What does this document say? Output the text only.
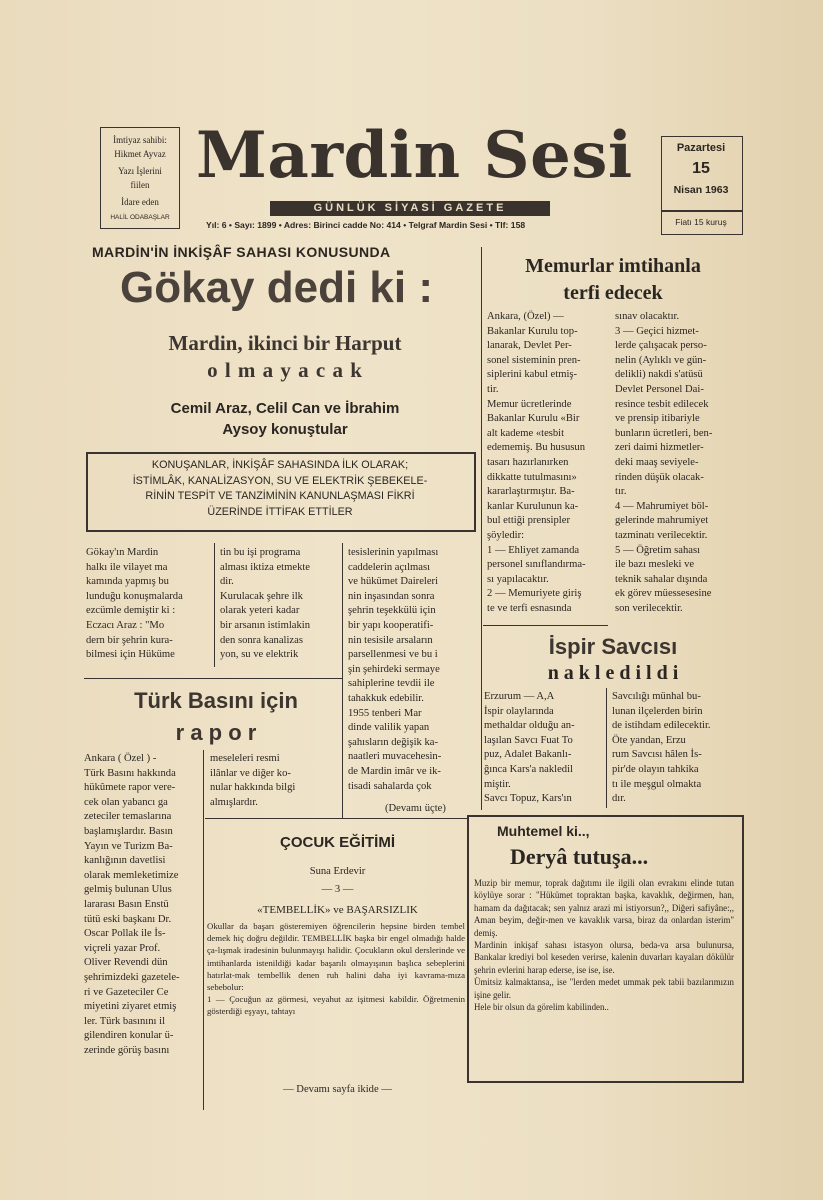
İmtiyaz sahibi:
Hikmet Ayvaz
Yazı İşlerini
fiilen
İdare eden
HALİL ODABAŞLAR
Mardin Sesi
GÜNLÜK SİYASİ GAZETE
Yıl: 6 • Sayı: 1899 • Adres: Birinci cadde No: 414 • Telgraf Mardin Sesi • Tlf: 158
Pazartesi
15
Nisan 1963
Fiatı 15 kuruş
MARDİN'İN İNKİŞÂF SAHASI KONUSUNDA
Gökay dedi ki :
Mardin, ikinci bir Harput
o l m a y a c a k
Cemil Araz, Celil Can ve İbrahim
Aysoy konuştular
KONUŞANLAR, İNKİŞÂF SAHASINDA İLK OLARAK;
İSTİMLÂK, KANALİZASYON, SU VE ELEKTRİK ŞEBEKELE-
RİNİN TESPİT VE TANZİMİNİN KANUNLAŞMASI FİKRİ
ÜZERİNDE İTTİFAK ETTİLER
Gökay'ın Mardin
halkı ile vilayet ma
kamında yapmış bu
lunduğu konuşmalarda
ezcümle demiştir ki :
Eczacı Araz : "Mo
dern bir şehrin kura-
bilmesi için Hüküme
tin bu işi programa
alması iktiza etmekte
dir.
Kurulacak şehre ilk
olarak yeteri kadar
bir arsanın istimlakin
den sonra kanalizas
yon, su ve elektrik
tesislerinin yapılması
caddelerin açılması
ve hükümet Daireleri
nin inşasından sonra
şehrin teşekkülü için
bir yapı kooperatifi-
nin tesisile arsaların
parsellenmesi ve bu i
şin şehirdeki sermaye
sahiplerine tevdii ile
tahakkuk edebilir.
1955 tenberi Mar
dinde valilik yapan
şahısların değişik ka-
naatleri muvacehesin-
de Mardin imâr ve ik-
tisadi sahalarda çok
(Devamı üçte)
Türk Basını için
r a p o r
Ankara ( Özel ) -
Türk Basını hakkında
hükûmete rapor vere-
cek olan yabancı ga
zeteciler temaslarına
başlamışlardır. Basın
Yayın ve Turizm Ba-
kanlığının davetlisi
olarak memleketimize
gelmiş bulunan Ulus
lararası Basın Enstü
tütü eski başkanı Dr.
Oscar Pollak ile İs-
viçreli yazar Prof.
Oliver Revendi dün
şehrimizdeki gazetele-
ri ve Gazeteciler Ce
miyetini ziyaret etmiş
ler. Türk basınını il
gilendiren konular ü-
zerinde görüş basını
meseleleri resmi
ilânlar ve diğer ko-
nular hakkında bilgi
almışlardır.
ÇOCUK EĞİTİMİ
Suna Erdevir
— 3 —
«TEMBELLİK» ve BAŞARSIZLIK
Okullar da başarı gösteremiyen öğrencilerin hepsine birden tembel demek hiç doğru değildir. TEMBELLİK başka bir engel olmadığı halde ça-lışmak iradesinin bulunmayışı halidir. Çocukların okul derslerinde ve imtihanlarda istenildiği kadar başarılı olmayışının başlıca sebeplerini hatırlat-mak tembellik denen ruh halini daha iyi kavrama-mıza sebebolur:
1 — Çocuğun az görmesi, veyahut az işitmesi kabildir. Öğretmenin gösterdiği eşyayı, tahtayı
— Devamı sayfa ikide —
Memurlar imtihanla
terfi edecek
Ankara, (Özel) —
Bakanlar Kurulu top-
lanarak, Devlet Per-
sonel sisteminin pren-
siplerini kabul etmiş-
tir.
Memur ücretlerinde
Bakanlar Kurulu «Bir
alt kademe «tesbit
edememiş. Bu hususun
tasarı hazırlanırken
dikkatte tutulmasını»
kararlaştırmıştır. Ba-
kanlar Kurulunun ka-
bul ettiği prensipler
şöyledir:
1 — Ehliyet zamanda
personel sınıflandırma-
sı yapılacaktır.
2 — Memuriyete giriş
te ve terfi esnasında
sınav olacaktır.
3 — Geçici hizmet-
lerde çalışacak perso-
nelin (Aylıklı ve gün-
delikli) nakdi s'atüsü
Devlet Personel Dai-
resince tesbit edilecek
ve prensip itibariyle
bunların ücretleri, ben-
zeri daimi hizmetler-
deki maaş seviyele-
rinden düşük olacak-
tır.
4 — Mahrumiyet böl-
gelerinde mahrumiyet
tazminatı verilecektir.
5 — Öğretim sahası
ile bazı mesleki ve
teknik sahalar dışında
ek görev müessesesine
son verilecektir.
İspir Savcısı
n a k l e d i l d i
Erzurum — A,A
İspir olaylarında
methaldar olduğu an-
laşılan Savcı Fuat To
puz, Adalet Bakanlı-
ğınca Kars'a nakledil
miştir.
Savcı Topuz, Kars'ın
Savcılığı münhal bu-
lunan ilçelerden birin
de istihdam edilecektir.
Öte yandan, Erzu
rum Savcısı hâlen İs-
pir'de olayın tahkika
tı ile meşgul olmakta
dır.
Muhtemel ki..,
Deryâ tutuşa...
Muzip bir memur, toprak dağıtımı ile ilgili olan evrakını elinde tutan köylüye sorar : "Hükümet topraktan başka, kavaklık, değirmen, han, hamam da dağıtacak; sen yalnız arazi mi istiyorsun?,, Diğeri safiyâne:,, Aman beyim, değir-men ve kavaklık varsa, biraz da onlardan isterim" demiş.
Mardinin inkişaf sahası istasyon olursa, beda-va arsa bulunursa, Bankalar krediyi bol keseden verirse, kalenin duvarları kayaları dökülür şehrin evlerini harap ederse, ise ise, ise.
Ümitsiz kalmaktansa,, ise "lerden medet ummak pek tabii bazılarımızın işine gelir.
Hele bir olsun da görelim kabilinden..
